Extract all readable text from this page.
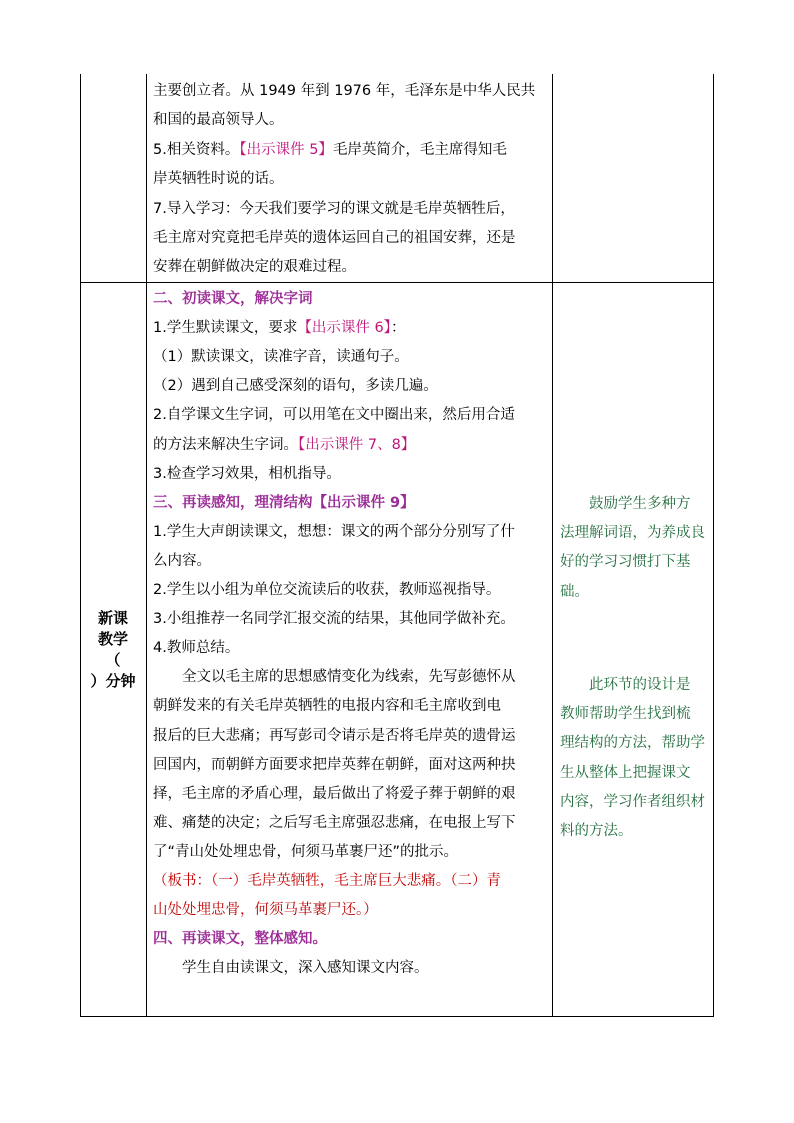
主要创立者。从 1949 年到 1976 年，毛泽东是中华人民共
和国的最高领导人。
5.相关资料。【出示课件 5】毛岸英简介，毛主席得知毛
岸英牺牲时说的话。
7.导入学习：今天我们要学习的课文就是毛岸英牺牲后，
毛主席对究竟把毛岸英的遗体运回自己的祖国安葬，还是
安葬在朝鲜做决定的艰难过程。
二、初读课文，解决字词
1.学生默读课文，要求【出示课件 6】：
（1）默读课文，读准字音，读通句子。
（2）遇到自己感受深刻的语句，多读几遍。
2.自学课文生字词，可以用笔在文中圈出来，然后用合适
的方法来解决生字词。【出示课件 7、8】
3.检查学习效果，相机指导。
三、再读感知，理清结构【出示课件 9】
1.学生大声朗读课文，想想：课文的两个部分分别写了什
么内容。
2.学生以小组为单位交流读后的收获，教师巡视指导。
3.小组推荐一名同学汇报交流的结果，其他同学做补充。
4.教师总结。
　　全文以毛主席的思想感情变化为线索，先写彭德怀从
朝鲜发来的有关毛岸英牺牲的电报内容和毛主席收到电
报后的巨大悲痛；再写彭司令请示是否将毛岸英的遗骨运
回国内，而朝鲜方面要求把岸英葬在朝鲜，面对这两种抉
择，毛主席的矛盾心理，最后做出了将爱子葬于朝鲜的艰
难、痛楚的决定；之后写毛主席强忍悲痛，在电报上写下
了“青山处处埋忠骨，何须马革裹尸还”的批示。
（板书：（一）毛岸英牺牲，毛主席巨大悲痛。（二）青
山处处埋忠骨，何须马革裹尸还。）
四、再读课文，整体感知。
　　学生自由读课文，深入感知课文内容。
新课
教学
（
）分钟
　　鼓励学生多种方
法理解词语，为养成良
好的学习习惯打下基
础。
　　此环节的设计是
教师帮助学生找到梳
理结构的方法，帮助学
生从整体上把握课文
内容，学习作者组织材
料的方法。
